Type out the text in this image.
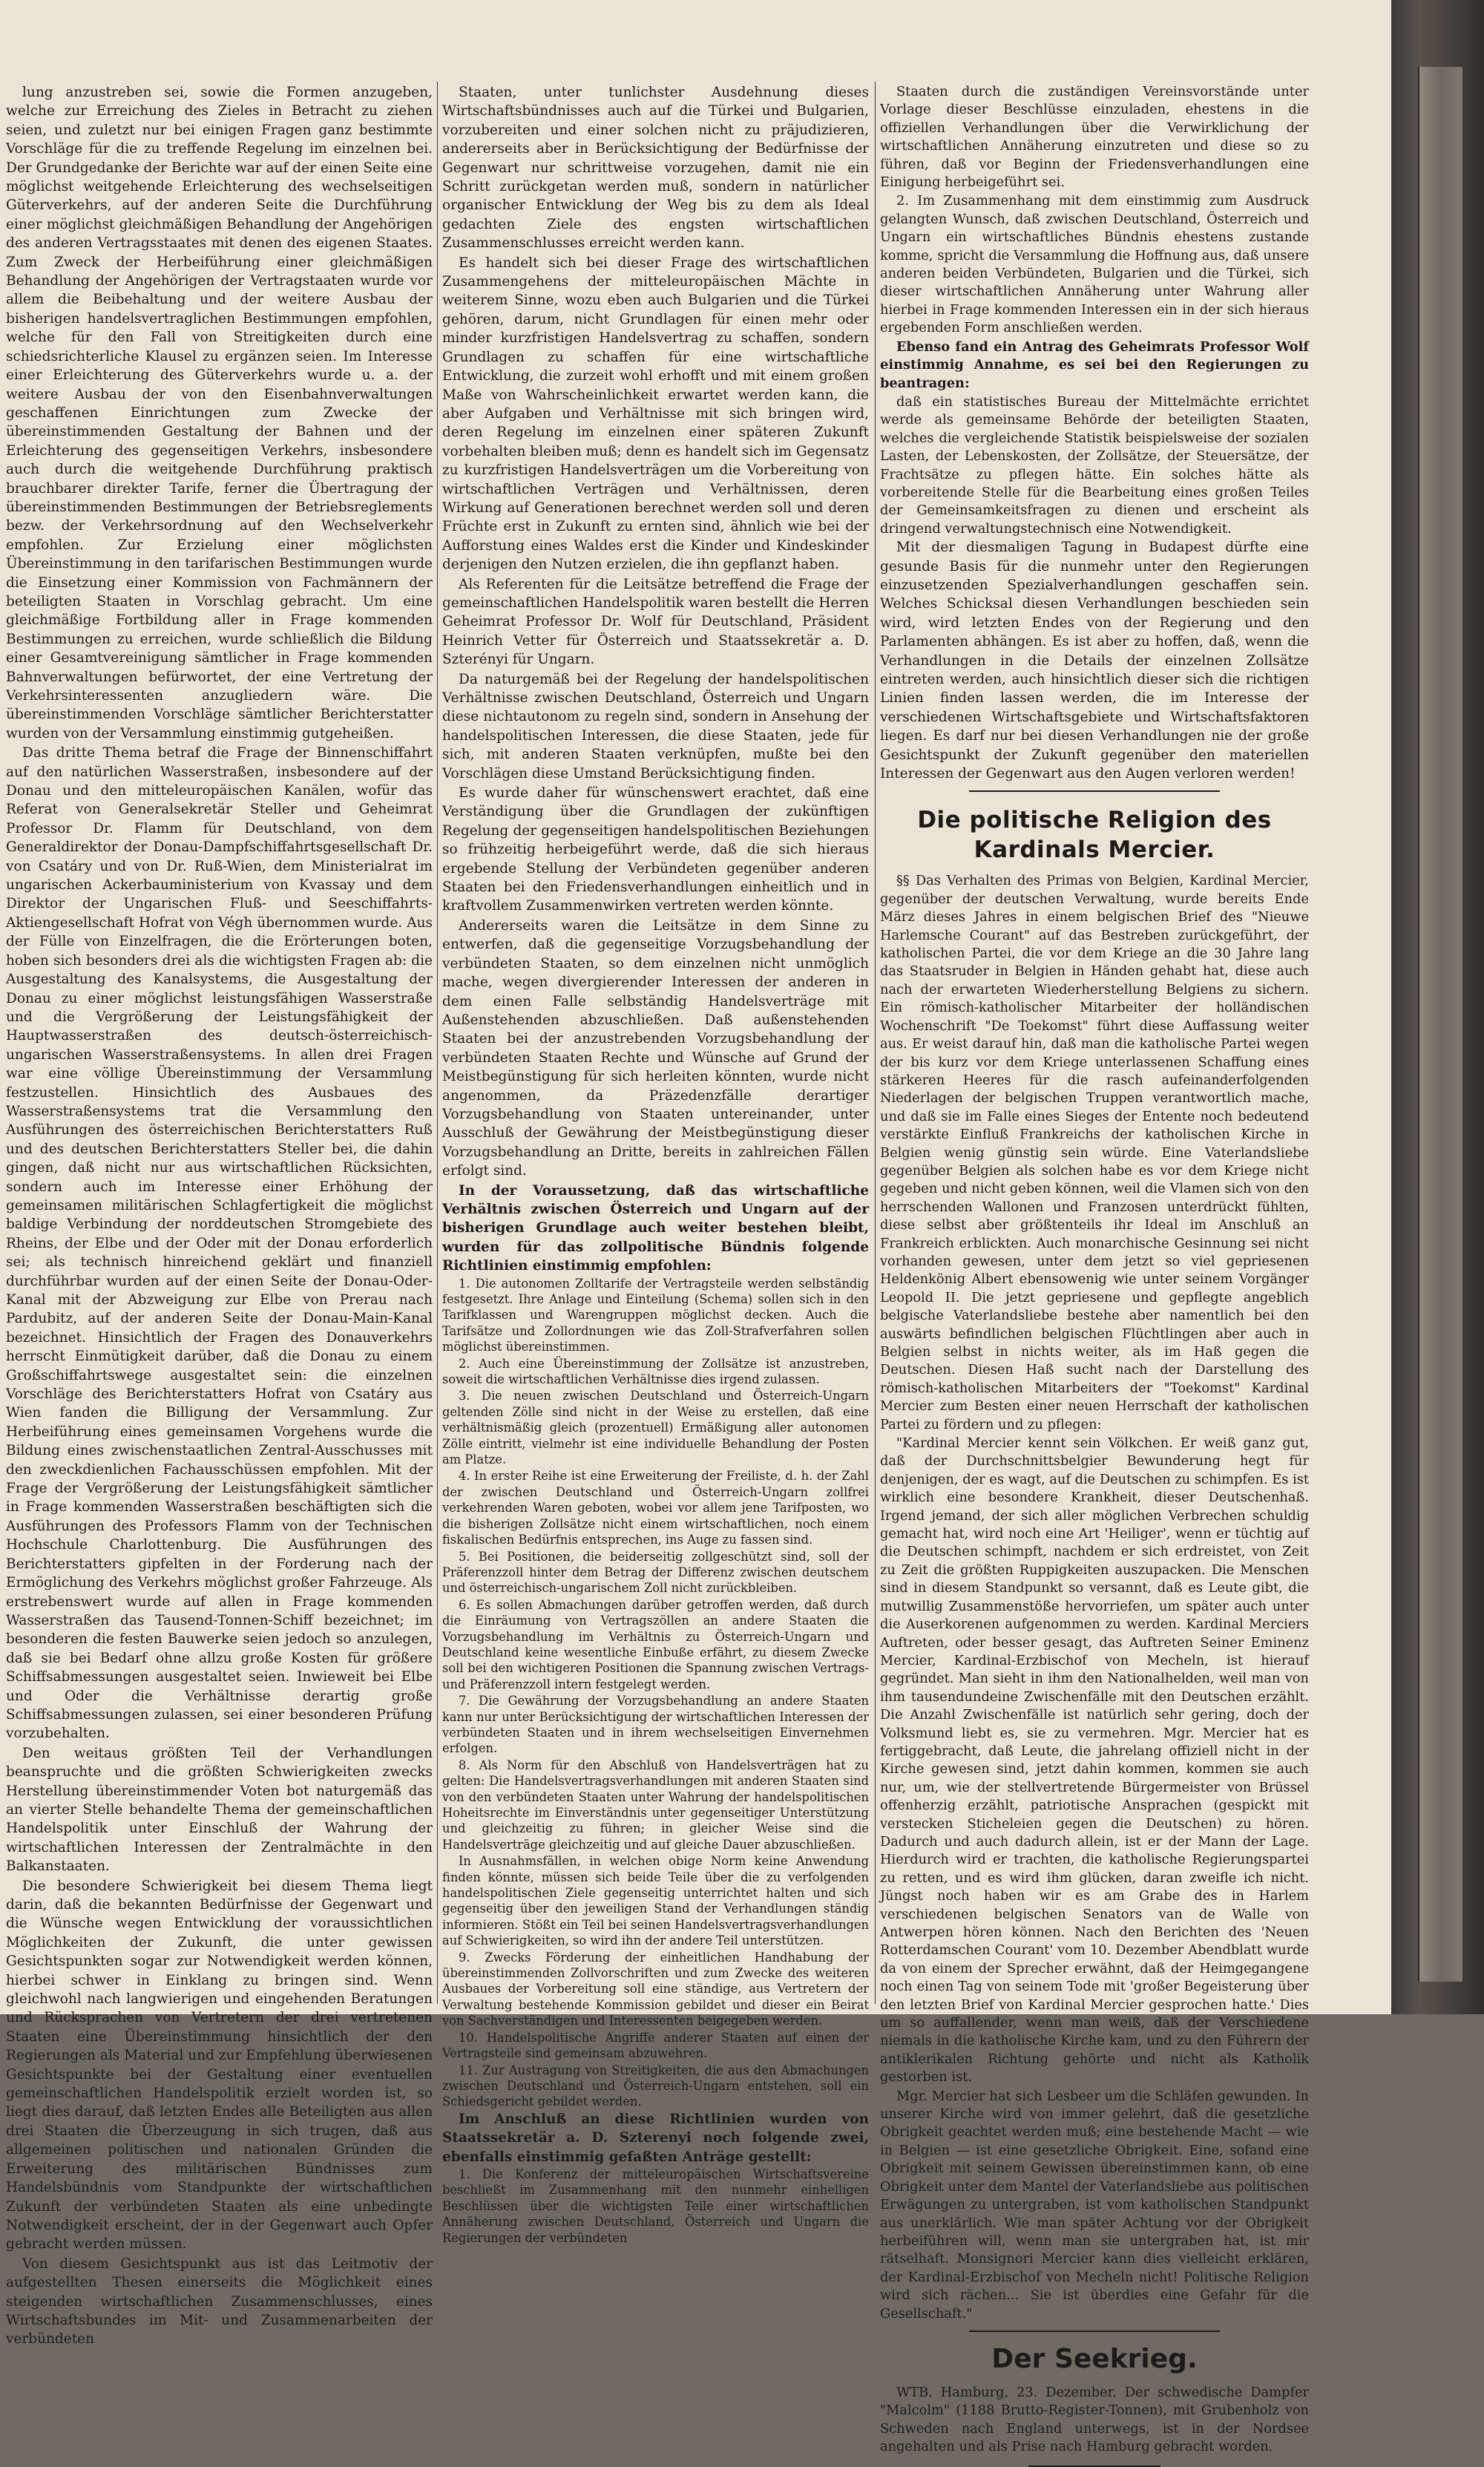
lung anzustreben sei, sowie die Formen anzugeben, welche zur Erreichung des Zieles in Betracht zu ziehen seien, und zuletzt nur bei einigen Fragen ganz bestimmte Vorschläge für die zu treffende Regelung im einzelnen bei. Der Grundgedanke der Berichte war auf der einen Seite eine möglichst weitgehende Erleichterung des wechselseitigen Güterverkehrs, auf der anderen Seite die Durchführung einer möglichst gleichmäßigen Behandlung der Angehörigen des anderen Vertragsstaates mit denen des eigenen Staates. Zum Zweck der Herbeiführung einer gleichmäßigen Behandlung der Angehörigen der Vertragstaaten wurde vor allem die Beibehaltung und der weitere Ausbau der bisherigen handelsvertraglichen Bestimmungen empfohlen, welche für den Fall von Streitigkeiten durch eine schiedsrichterliche Klausel zu ergänzen seien. Im Interesse einer Erleichterung des Güterverkehrs wurde u. a. der weitere Ausbau der von den Eisenbahnverwaltungen geschaffenen Einrichtungen zum Zwecke der übereinstimmenden Gestaltung der Bahnen und der Erleichterung des gegenseitigen Verkehrs, insbesondere auch durch die weitgehende Durchführung praktisch brauchbarer direkter Tarife, ferner die Übertragung der übereinstimmenden Bestimmungen der Betriebsreglements bezw. der Verkehrsordnung auf den Wechselverkehr empfohlen. Zur Erzielung einer möglichsten Übereinstimmung in den tarifarischen Bestimmungen wurde die Einsetzung einer Kommission von Fachmännern der beteiligten Staaten in Vorschlag gebracht. Um eine gleichmäßige Fortbildung aller in Frage kommenden Bestimmungen zu erreichen, wurde schließlich die Bildung einer Gesamtvereinigung sämtlicher in Frage kommenden Bahnverwaltungen befürwortet, der eine Vertretung der Verkehrsinteressenten anzugliedern wäre. Die übereinstimmenden Vorschläge sämtlicher Berichterstatter wurden von der Versammlung einstimmig gutgeheißen.

Das dritte Thema betraf die Frage der Binnenschiffahrt auf den natürlichen Wasserstraßen, insbesondere auf der Donau und den mitteleuropäischen Kanälen, wofür das Referat von Generalsekretär Steller und Geheimrat Professor Dr. Flamm für Deutschland, von dem Generaldirektor der Donau-Dampfschiffahrtsgesellschaft Dr. von Csatáry und von Dr. Ruß-Wien, dem Ministerialrat im ungarischen Ackerbauministerium von Kvassay und dem Direktor der Ungarischen Fluß- und Seeschiffahrts-Aktiengesellschaft Hofrat von Végh übernommen wurde. Aus der Fülle von Einzelfragen, die die Erörterungen boten, hoben sich besonders drei als die wichtigsten Fragen ab: die Ausgestaltung des Kanalsystems, die Ausgestaltung der Donau zu einer möglichst leistungsfähigen Wasserstraße und die Vergrößerung der Leistungsfähigkeit der Hauptwasserstraßen des deutsch-österreichisch-ungarischen Wasserstraßensystems. In allen drei Fragen war eine völlige Übereinstimmung der Versammlung festzustellen. Hinsichtlich des Ausbaues des Wasserstraßensystems trat die Versammlung den Ausführungen des österreichischen Berichterstatters Ruß und des deutschen Berichterstatters Steller bei, die dahin gingen, daß nicht nur aus wirtschaftlichen Rücksichten, sondern auch im Interesse einer Erhöhung der gemeinsamen militärischen Schlagfertigkeit die möglichst baldige Verbindung der norddeutschen Stromgebiete des Rheins, der Elbe und der Oder mit der Donau erforderlich sei; als technisch hinreichend geklärt und finanziell durchführbar wurden auf der einen Seite der Donau-Oder-Kanal mit der Abzweigung zur Elbe von Prerau nach Pardubitz, auf der anderen Seite der Donau-Main-Kanal bezeichnet. Hinsichtlich der Fragen des Donauverkehrs herrscht Einmütigkeit darüber, daß die Donau zu einem Großschiffahrtswege ausgestaltet sein: die einzelnen Vorschläge des Berichterstatters Hofrat von Csatáry aus Wien fanden die Billigung der Versammlung. Zur Herbeiführung eines gemeinsamen Vorgehens wurde die Bildung eines zwischenstaatlichen Zentral-Ausschusses mit den zweckdienlichen Fachausschüssen empfohlen. Mit der Frage der Vergrößerung der Leistungsfähigkeit sämtlicher in Frage kommenden Wasserstraßen beschäftigten sich die Ausführungen des Professors Flamm von der Technischen Hochschule Charlottenburg. Die Ausführungen des Berichterstatters gipfelten in der Forderung nach der Ermöglichung des Verkehrs möglichst großer Fahrzeuge. Als erstrebenswert wurde auf allen in Frage kommenden Wasserstraßen das Tausend-Tonnen-Schiff bezeichnet; im besonderen die festen Bauwerke seien jedoch so anzulegen, daß sie bei Bedarf ohne allzu große Kosten für größere Schiffsabmessungen ausgestaltet seien. Inwieweit bei Elbe und Oder die Verhältnisse derartig große Schiffsabmessungen zulassen, sei einer besonderen Prüfung vorzubehalten.

Den weitaus größten Teil der Verhandlungen beanspruchte und die größten Schwierigkeiten zwecks Herstellung übereinstimmender Voten bot naturgemäß das an vierter Stelle behandelte Thema der gemeinschaftlichen Handelspolitik unter Einschluß der Wahrung der wirtschaftlichen Interessen der Zentralmächte in den Balkanstaaten.

Die besondere Schwierigkeit bei diesem Thema liegt darin, daß die bekannten Bedürfnisse der Gegenwart und die Wünsche wegen Entwicklung der voraussichtlichen Möglichkeiten der Zukunft, die unter gewissen Gesichtspunkten sogar zur Notwendigkeit werden können, hierbei schwer in Einklang zu bringen sind. Wenn gleichwohl nach langwierigen und eingehenden Beratungen und Rücksprachen von Vertretern der drei vertretenen Staaten eine Übereinstimmung hinsichtlich der den Regierungen als Material und zur Empfehlung überwiesenen Gesichtspunkte bei der Gestaltung einer eventuellen gemeinschaftlichen Handelspolitik erzielt worden ist, so liegt dies darauf, daß letzten Endes alle Beteiligten aus allen drei Staaten die Überzeugung in sich trugen, daß aus allgemeinen politischen und nationalen Gründen die Erweiterung des militärischen Bündnisses zum Handelsbündnis vom Standpunkte der wirtschaftlichen Zukunft der verbündeten Staaten als eine unbedingte Notwendigkeit erscheint, der in der Gegenwart auch Opfer gebracht werden müssen.

Von diesem Gesichtspunkt aus ist das Leitmotiv der aufgestellten Thesen einerseits die Möglichkeit eines steigenden wirtschaftlichen Zusammenschlusses, eines Wirtschaftsbundes im Mit- und Zusammenarbeiten der verbündeten

Staaten, unter tunlichster Ausdehnung dieses Wirtschaftsbündnisses auch auf die Türkei und Bulgarien, vorzubereiten und einer solchen nicht zu präjudizieren, andererseits aber in Berücksichtigung der Bedürfnisse der Gegenwart nur schrittweise vorzugehen, damit nie ein Schritt zurückgetan werden muß, sondern in natürlicher organischer Entwicklung der Weg bis zu dem als Ideal gedachten Ziele des engsten wirtschaftlichen Zusammenschlusses erreicht werden kann.

Es handelt sich bei dieser Frage des wirtschaftlichen Zusammengehens der mitteleuropäischen Mächte in weiterem Sinne, wozu eben auch Bulgarien und die Türkei gehören, darum, nicht Grundlagen für einen mehr oder minder kurzfristigen Handelsvertrag zu schaffen, sondern Grundlagen zu schaffen für eine wirtschaftliche Entwicklung, die zurzeit wohl erhofft und mit einem großen Maße von Wahrscheinlichkeit erwartet werden kann, die aber Aufgaben und Verhältnisse mit sich bringen wird, deren Regelung im einzelnen einer späteren Zukunft vorbehalten bleiben muß; denn es handelt sich im Gegensatz zu kurzfristigen Handelsverträgen um die Vorbereitung von wirtschaftlichen Verträgen und Verhältnissen, deren Wirkung auf Generationen berechnet werden soll und deren Früchte erst in Zukunft zu ernten sind, ähnlich wie bei der Aufforstung eines Waldes erst die Kinder und Kindeskinder derjenigen den Nutzen erzielen, die ihn gepflanzt haben.

Als Referenten für die Leitsätze betreffend die Frage der gemeinschaftlichen Handelspolitik waren bestellt die Herren Geheimrat Professor Dr. Wolf für Deutschland, Präsident Heinrich Vetter für Österreich und Staatssekretär a. D. Szterényi für Ungarn.

Da naturgemäß bei der Regelung der handelspolitischen Verhältnisse zwischen Deutschland, Österreich und Ungarn diese nichtautonom zu regeln sind, sondern in Ansehung der handelspolitischen Interessen, die diese Staaten, jede für sich, mit anderen Staaten verknüpfen, mußte bei den Vorschlägen diese Umstand Berücksichtigung finden.

Es wurde daher für wünschenswert erachtet, daß eine Verständigung über die Grundlagen der zukünftigen Regelung der gegenseitigen handelspolitischen Beziehungen so frühzeitig herbeigeführt werde, daß die sich hieraus ergebende Stellung der Verbündeten gegenüber anderen Staaten bei den Friedensverhandlungen einheitlich und in kraftvollem Zusammenwirken vertreten werden könnte.

Andererseits waren die Leitsätze in dem Sinne zu entwerfen, daß die gegenseitige Vorzugsbehandlung der verbündeten Staaten, so dem einzelnen nicht unmöglich mache, wegen divergierender Interessen der anderen in dem einen Falle selbständig Handelsverträge mit Außenstehenden abzuschließen. Daß außenstehenden Staaten bei der anzustrebenden Vorzugsbehandlung der verbündeten Staaten Rechte und Wünsche auf Grund der Meistbegünstigung für sich herleiten könnten, wurde nicht angenommen, da Präzedenzfälle derartiger Vorzugsbehandlung von Staaten untereinander, unter Ausschluß der Gewährung der Meistbegünstigung dieser Vorzugsbehandlung an Dritte, bereits in zahlreichen Fällen erfolgt sind.

In der Voraussetzung, daß das wirtschaftliche Verhältnis zwischen Österreich und Ungarn auf der bisherigen Grundlage auch weiter bestehen bleibt, wurden für das zollpolitische Bündnis folgende Richtlinien einstimmig empfohlen:

1. Die autonomen Zolltarife der Vertragsteile werden selbständig festgesetzt. Ihre Anlage und Einteilung (Schema) sollen sich in den Tarifklassen und Warengruppen möglichst decken. Auch die Tarifsätze und Zollordnungen wie das Zoll-Strafverfahren sollen möglichst übereinstimmen.

2. Auch eine Übereinstimmung der Zollsätze ist anzustreben, soweit die wirtschaftlichen Verhältnisse dies irgend zulassen.

3. Die neuen zwischen Deutschland und Österreich-Ungarn geltenden Zölle sind nicht in der Weise zu erstellen, daß eine verhältnismäßig gleich (prozentuell) Ermäßigung aller autonomen Zölle eintritt, vielmehr ist eine individuelle Behandlung der Posten am Platze.

4. In erster Reihe ist eine Erweiterung der Freiliste, d. h. der Zahl der zwischen Deutschland und Österreich-Ungarn zollfrei verkehrenden Waren geboten, wobei vor allem jene Tarifposten, wo die bisherigen Zollsätze nicht einem wirtschaftlichen, noch einem fiskalischen Bedürfnis entsprechen, ins Auge zu fassen sind.

5. Bei Positionen, die beiderseitig zollgeschützt sind, soll der Präferenzzoll hinter dem Betrag der Differenz zwischen deutschem und österreichisch-ungarischem Zoll nicht zurückbleiben.

6. Es sollen Abmachungen darüber getroffen werden, daß durch die Einräumung von Vertragszöllen an andere Staaten die Vorzugsbehandlung im Verhältnis zu Österreich-Ungarn und Deutschland keine wesentliche Einbuße erfährt, zu diesem Zwecke soll bei den wichtigeren Positionen die Spannung zwischen Vertrags- und Präferenzzoll intern festgelegt werden.

7. Die Gewährung der Vorzugsbehandlung an andere Staaten kann nur unter Berücksichtigung der wirtschaftlichen Interessen der verbündeten Staaten und in ihrem wechselseitigen Einvernehmen erfolgen.

8. Als Norm für den Abschluß von Handelsverträgen hat zu gelten: Die Handelsvertragsverhandlungen mit anderen Staaten sind von den verbündeten Staaten unter Wahrung der handelspolitischen Hoheitsrechte im Einverständnis unter gegenseitiger Unterstützung und gleichzeitig zu führen; in gleicher Weise sind die Handelsverträge gleichzeitig und auf gleiche Dauer abzuschließen.

In Ausnahmsfällen, in welchen obige Norm keine Anwendung finden könnte, müssen sich beide Teile über die zu verfolgenden handelspolitischen Ziele gegenseitig unterrichtet halten und sich gegenseitig über den jeweiligen Stand der Verhandlungen ständig informieren. Stößt ein Teil bei seinen Handelsvertragsverhandlungen auf Schwierigkeiten, so wird ihn der andere Teil unterstützen.

9. Zwecks Förderung der einheitlichen Handhabung der übereinstimmenden Zollvorschriften und zum Zwecke des weiteren Ausbaues der Vorbereitung soll eine ständige, aus Vertretern der Verwaltung bestehende Kommission gebildet und dieser ein Beirat von Sachverständigen und Interessenten beigegeben werden.

10. Handelspolitische Angriffe anderer Staaten auf einen der Vertragsteile sind gemeinsam abzuwehren.

11. Zur Austragung von Streitigkeiten, die aus den Abmachungen zwischen Deutschland und Österreich-Ungarn entstehen, soll ein Schiedsgericht gebildet werden.

Im Anschluß an diese Richtlinien wurden von Staatssekretär a. D. Szterenyi noch folgende zwei, ebenfalls einstimmig gefaßten Anträge gestellt:

1. Die Konferenz der mitteleuropäischen Wirtschaftsvereine beschließt im Zusammenhang mit den nunmehr einhelligen Beschlüssen über die wichtigsten Teile einer wirtschaftlichen Annäherung zwischen Deutschland, Österreich und Ungarn die Regierungen der verbündeten

Staaten durch die zuständigen Vereinsvorstände unter Vorlage dieser Beschlüsse einzuladen, ehestens in die offiziellen Verhandlungen über die Verwirklichung der wirtschaftlichen Annäherung einzutreten und diese so zu führen, daß vor Beginn der Friedensverhandlungen eine Einigung herbeigeführt sei.

2. Im Zusammenhang mit dem einstimmig zum Ausdruck gelangten Wunsch, daß zwischen Deutschland, Österreich und Ungarn ein wirtschaftliches Bündnis ehestens zustande komme, spricht die Versammlung die Hoffnung aus, daß unsere anderen beiden Verbündeten, Bulgarien und die Türkei, sich dieser wirtschaftlichen Annäherung unter Wahrung aller hierbei in Frage kommenden Interessen ein in der sich hieraus ergebenden Form anschließen werden.

Ebenso fand ein Antrag des Geheimrats Professor Wolf einstimmig Annahme, es sei bei den Regierungen zu beantragen:

daß ein statistisches Bureau der Mittelmächte errichtet werde als gemeinsame Behörde der beteiligten Staaten, welches die vergleichende Statistik beispielsweise der sozialen Lasten, der Lebenskosten, der Zollsätze, der Steuersätze, der Frachtsätze zu pflegen hätte. Ein solches hätte als vorbereitende Stelle für die Bearbeitung eines großen Teiles der Gemeinsamkeitsfragen zu dienen und erscheint als dringend verwaltungstechnisch eine Notwendigkeit.

Mit der diesmaligen Tagung in Budapest dürfte eine gesunde Basis für die nunmehr unter den Regierungen einzusetzenden Spezialverhandlungen geschaffen sein. Welches Schicksal diesen Verhandlungen beschieden sein wird, wird letzten Endes von der Regierung und den Parlamenten abhängen. Es ist aber zu hoffen, daß, wenn die Verhandlungen in die Details der einzelnen Zollsätze eintreten werden, auch hinsichtlich dieser sich die richtigen Linien finden lassen werden, die im Interesse der verschiedenen Wirtschaftsgebiete und Wirtschaftsfaktoren liegen. Es darf nur bei diesen Verhandlungen nie der große Gesichtspunkt der Zukunft gegenüber den materiellen Interessen der Gegenwart aus den Augen verloren werden!

Die politische Religion des Kardinals Mercier.

§§ Das Verhalten des Primas von Belgien, Kardinal Mercier, gegenüber der deutschen Verwaltung, wurde bereits Ende März dieses Jahres in einem belgischen Brief des "Nieuwe Harlemsche Courant" auf das Bestreben zurückgeführt, der katholischen Partei, die vor dem Kriege an die 30 Jahre lang das Staatsruder in Belgien in Händen gehabt hat, diese auch nach der erwarteten Wiederherstellung Belgiens zu sichern. Ein römisch-katholischer Mitarbeiter der holländischen Wochenschrift "De Toekomst" führt diese Auffassung weiter aus. Er weist darauf hin, daß man die katholische Partei wegen der bis kurz vor dem Kriege unterlassenen Schaffung eines stärkeren Heeres für die rasch aufeinanderfolgenden Niederlagen der belgischen Truppen verantwortlich mache, und daß sie im Falle eines Sieges der Entente noch bedeutend verstärkte Einfluß Frankreichs der katholischen Kirche in Belgien wenig günstig sein würde. Eine Vaterlandsliebe gegenüber Belgien als solchen habe es vor dem Kriege nicht gegeben und nicht geben können, weil die Vlamen sich von den herrschenden Wallonen und Franzosen unterdrückt fühlten, diese selbst aber größtenteils ihr Ideal im Anschluß an Frankreich erblickten. Auch monarchische Gesinnung sei nicht vorhanden gewesen, unter dem jetzt so viel gepriesenen Heldenkönig Albert ebensowenig wie unter seinem Vorgänger Leopold II. Die jetzt gepriesene und gepflegte angeblich belgische Vaterlandsliebe bestehe aber namentlich bei den auswärts befindlichen belgischen Flüchtlingen aber auch in Belgien selbst in nichts weiter, als im Haß gegen die Deutschen. Diesen Haß sucht nach der Darstellung des römisch-katholischen Mitarbeiters der "Toekomst" Kardinal Mercier zum Besten einer neuen Herrschaft der katholischen Partei zu fördern und zu pflegen:

"Kardinal Mercier kennt sein Völkchen. Er weiß ganz gut, daß der Durchschnittsbelgier Bewunderung hegt für denjenigen, der es wagt, auf die Deutschen zu schimpfen. Es ist wirklich eine besondere Krankheit, dieser Deutschenhaß. Irgend jemand, der sich aller möglichen Verbrechen schuldig gemacht hat, wird noch eine Art 'Heiliger', wenn er tüchtig auf die Deutschen schimpft, nachdem er sich erdreistet, von Zeit zu Zeit die größten Ruppigkeiten auszupacken. Die Menschen sind in diesem Standpunkt so versannt, daß es Leute gibt, die mutwillig Zusammenstöße hervorriefen, um später auch unter die Auserkorenen aufgenommen zu werden. Kardinal Merciers Auftreten, oder besser gesagt, das Auftreten Seiner Eminenz Mercier, Kardinal-Erzbischof von Mecheln, ist hierauf gegründet. Man sieht in ihm den Nationalhelden, weil man von ihm tausendundeine Zwischenfälle mit den Deutschen erzählt. Die Anzahl Zwischenfälle ist natürlich sehr gering, doch der Volksmund liebt es, sie zu vermehren. Mgr. Mercier hat es fertiggebracht, daß Leute, die jahrelang offiziell nicht in der Kirche gewesen sind, jetzt dahin kommen, kommen sie auch nur, um, wie der stellvertretende Bürgermeister von Brüssel offenherzig erzählt, patriotische Ansprachen (gespickt mit verstecken Sticheleien gegen die Deutschen) zu hören. Dadurch und auch dadurch allein, ist er der Mann der Lage. Hierdurch wird er trachten, die katholische Regierungspartei zu retten, und es wird ihm glücken, daran zweifle ich nicht. Jüngst noch haben wir es am Grabe des in Harlem verschiedenen belgischen Senators van de Walle von Antwerpen hören können. Nach den Berichten des 'Neuen Rotterdamschen Courant' vom 10. Dezember Abendblatt wurde da von einem der Sprecher erwähnt, daß der Heimgegangene noch einen Tag von seinem Tode mit 'großer Begeisterung über den letzten Brief von Kardinal Mercier gesprochen hatte.' Dies um so auffallender, wenn man weiß, daß der Verschiedene niemals in die katholische Kirche kam, und zu den Führern der antiklerikalen Richtung gehörte und nicht als Katholik gestorben ist.

Mgr. Mercier hat sich Lesbeer um die Schläfen gewunden. In unserer Kirche wird von immer gelehrt, daß die gesetzliche Obrigkeit geachtet werden muß; eine bestehende Macht — wie in Belgien — ist eine gesetzliche Obrigkeit. Eine, sofand eine Obrigkeit mit seinem Gewissen übereinstimmen kann, ob eine Obrigkeit unter dem Mantel der Vaterlandsliebe aus politischen Erwägungen zu untergraben, ist vom katholischen Standpunkt aus unerklärlich. Wie man später Achtung vor der Obrigkeit herbeiführen will, wenn man sie untergraben hat, ist mir rätselhaft. Monsignori Mercier kann dies vielleicht erklären, der Kardinal-Erzbischof von Mecheln nicht! Politische Religion wird sich rächen... Sie ist überdies eine Gefahr für die Gesellschaft."

Der Seekrieg.

WTB. Hamburg, 23. Dezember. Der schwedische Dampfer "Malcolm" (1188 Brutto-Register-Tonnen), mit Grubenholz von Schweden nach England unterwegs, ist in der Nordsee angehalten und als Prise nach Hamburg gebracht worden.
